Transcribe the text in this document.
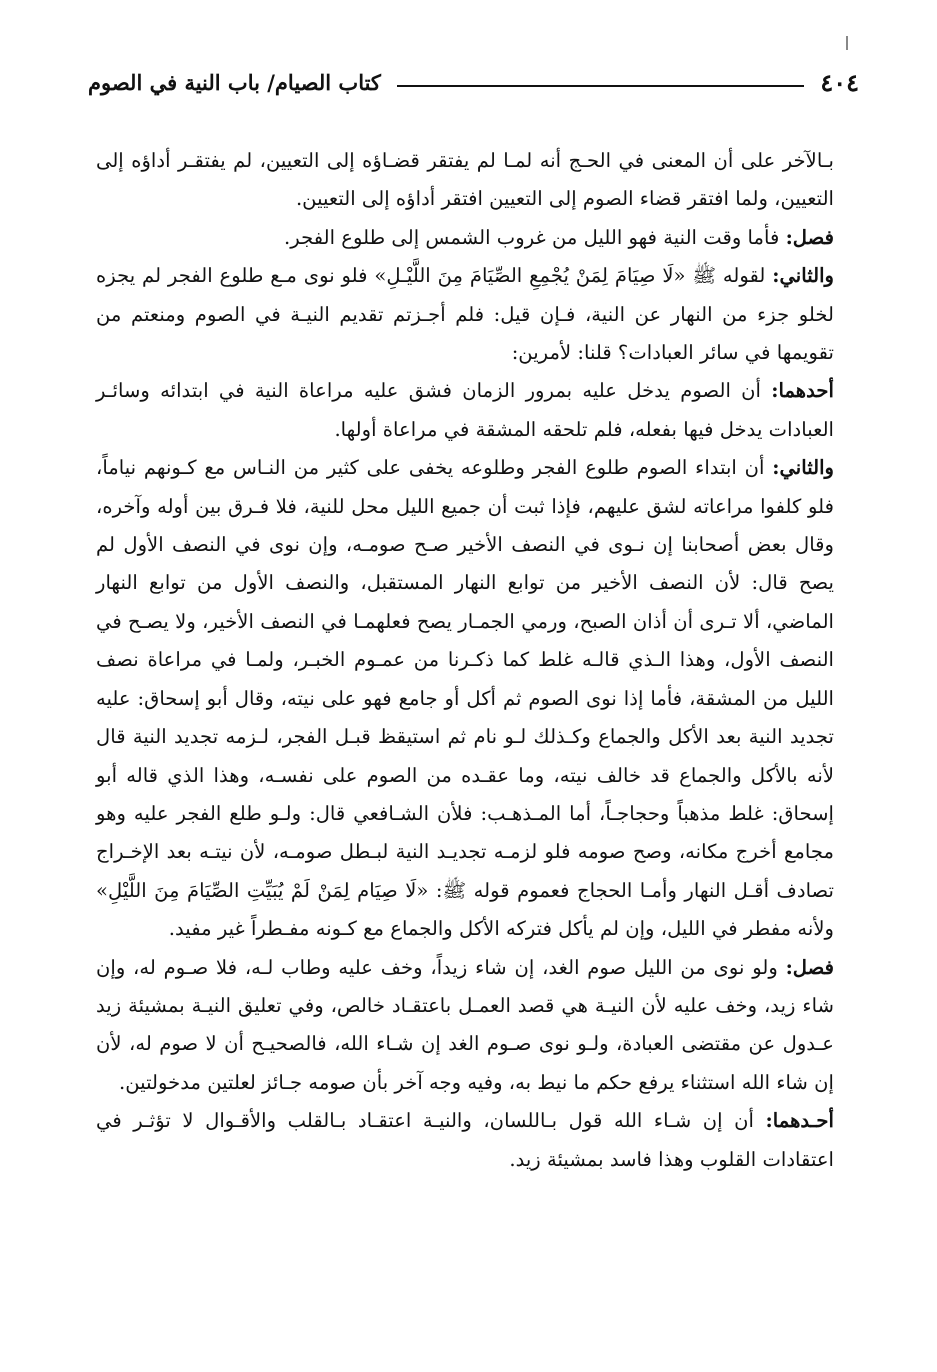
٤٠٤
كتاب الصيام/ باب النية في الصوم

بـالآخر على أن المعنى في الحـج أنه لمـا لم يفتقر قضـاؤه إلى التعيين، لم يفتقـر أداؤه إلى التعيين، ولما افتقر قضاء الصوم إلى التعيين افتقر أداؤه إلى التعيين.

فصل: فأما وقت النية فهو الليل من غروب الشمس إلى طلوع الفجر.

والثاني: لقوله ﷺ «لَا صِيَامَ لِمَنْ يُجْمِعِ الصِّيَامَ مِنَ اللَّيْـلِ» فلو نوى مـع طلوع الفجر لم يجزه لخلو جزء من النهار عن النية، فـإن قيل: فلم أجـزتم تقديم النيـة في الصوم ومنعتم من تقويمها في سائر العبادات؟ قلنا: لأمرين:

أحدهما: أن الصوم يدخل عليه بمرور الزمان فشق عليه مراعاة النية في ابتدائه وسائـر العبادات يدخل فيها بفعله، فلم تلحقه المشقة في مراعاة أولها.

والثاني: أن ابتداء الصوم طلوع الفجر وطلوعه يخفى على كثير من النـاس مع كـونهم نياماً، فلو كلفوا مراعاته لشق عليهم، فإذا ثبت أن جميع الليل محل للنية، فلا فـرق بين أوله وآخره، وقال بعض أصحابنا إن نـوى في النصف الأخير صـح صومـه، وإن نوى في النصف الأول لم يصح قال: لأن النصف الأخير من توابع النهار المستقبل، والنصف الأول من توابع النهار الماضي، ألا تـرى أن أذان الصبح، ورمي الجمـار يصح فعلهمـا في النصف الأخير، ولا يصـح في النصف الأول، وهذا الـذي قالـه غلط كما ذكـرنا من عمـوم الخبـر، ولمـا في مراعاة نصف الليل من المشقة، فأما إذا نوى الصوم ثم أكل أو جامع فهو على نيته، وقال أبو إسحاق: عليه تجديد النية بعد الأكل والجماع وكـذلك لـو نام ثم استيقظ قبـل الفجر، لـزمه تجديد النية قال لأنه بالأكل والجماع قد خالف نيته، وما عقـده من الصوم على نفسـه، وهذا الذي قاله أبو إسحاق: غلط مذهباً وحجاجـاً، أما المـذهـب: فلأن الشـافعي قال: ولـو طلع الفجر عليه وهو مجامع أخرج مكانه، وصح صومه فلو لزمـه تجديـد النية لبـطل صومـه، لأن نيتـه بعد الإخـراج تصادف أقـل النهار وأمـا الحجاج فعموم قوله ﷺ: «لَا صِيَام لِمَنْ لَمْ يُبَيِّتِ الصِّيَامَ مِنَ اللَّيْلِ» ولأنه مفطر في الليل، وإن لم يأكل فتركه الأكل والجماع مع كـونه مفـطراً غير مفيد.

فصل: ولو نوى من الليل صوم الغد، إن شاء زيداً، وخف عليه وطاب لـه، فلا صـوم له، وإن شاء زيد، وخف عليه لأن النيـة هي قصد العمـل باعتقـاد خالص، وفي تعليق النيـة بمشيئة زيد عـدول عن مقتضى العبادة، ولـو نوى صـوم الغد إن شـاء الله، فالصحيـح أن لا صوم له، لأن إن شاء الله استثناء يرفع حكم ما نيط به، وفيه وجه آخر بأن صومه جـائز لعلتين مدخولتين.

أحـدهما: أن إن شـاء الله قول بـاللسان، والنيـة اعتقـاد بـالقلب والأقـوال لا تؤثـر في اعتقادات القلوب وهذا فاسد بمشيئة زيد.
